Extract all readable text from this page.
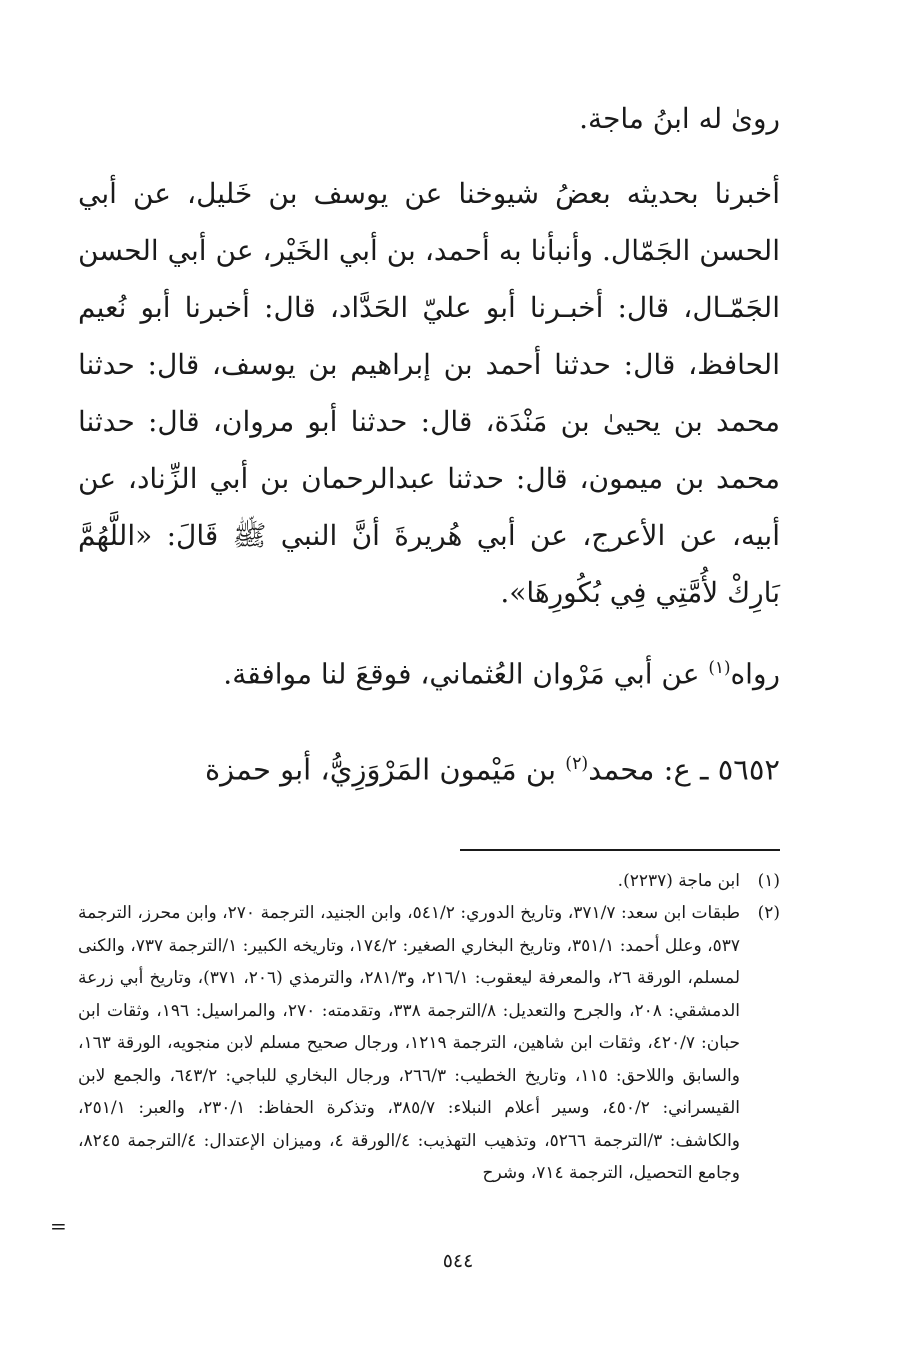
روىٰ له ابنُ ماجة.

أخبرنا بحديثه بعضُ شيوخنا عن يوسف بن خَليل، عن أبي الحسن الجَمّال. وأنبأنا به أحمد، بن أبي الخَيْر، عن أبي الحسن الجَمّـال، قال: أخبـرنا أبو عليّ الحَدَّاد، قال: أخبرنا أبو نُعيم الحافظ، قال: حدثنا أحمد بن إبراهيم بن يوسف، قال: حدثنا محمد بن يحيىٰ بن مَنْدَة، قال: حدثنا أبو مروان، قال: حدثنا محمد بن ميمون، قال: حدثنا عبدالرحمان بن أبي الزِّناد، عن أبيه، عن الأعرج، عن أبي هُريرةَ أنَّ النبي ﷺ قَالَ: «اللَّهُمَّ بَارِكْ لأُمَّتِي فِي بُكُورِهَا».

رواه$^{(١)}$ عن أبي مَرْوان العُثماني، فوقعَ لنا موافقة.

٥٦٥٢ ـ ع: محمد$^{(٢)}$ بن مَيْمون المَرْوَزِيُّ، أبو حمزة

(١)
ابن ماجة (٢٢٣٧).
(٢)
طبقات ابن سعد: ٣٧١/٧، وتاريخ الدوري: ٥٤١/٢، وابن الجنيد، الترجمة ٢٧٠، وابن محرز، الترجمة ٥٣٧، وعلل أحمد: ٣٥١/١، وتاريخ البخاري الصغير: ١٧٤/٢، وتاريخه الكبير: ١/الترجمة ٧٣٧، والكنى لمسلم، الورقة ٢٦، والمعرفة ليعقوب: ٢١٦/١، و٢٨١/٣، والترمذي (٢٠٦، ٣٧١)، وتاريخ أبي زرعة الدمشقي: ٢٠٨، والجرح والتعديل: ٨/الترجمة ٣٣٨، وتقدمته: ٢٧٠، والمراسيل: ١٩٦، وثقات ابن حبان: ٤٢٠/٧، وثقات ابن شاهين، الترجمة ١٢١٩، ورجال صحيح مسلم لابن منجويه، الورقة ١٦٣، والسابق واللاحق: ١١٥، وتاريخ الخطيب: ٢٦٦/٣، ورجال البخاري للباجي: ٦٤٣/٢، والجمع لابن القيسراني: ٤٥٠/٢، وسير أعلام النبلاء: ٣٨٥/٧، وتذكرة الحفاظ: ٢٣٠/١، والعبر: ٢٥١/١، والكاشف: ٣/الترجمة ٥٢٦٦، وتذهيب التهذيب: ٤/الورقة ٤، وميزان الإعتدال: ٤/الترجمة ٨٢٤٥، وجامع التحصيل، الترجمة ٧١٤، وشرح
=
٥٤٤
